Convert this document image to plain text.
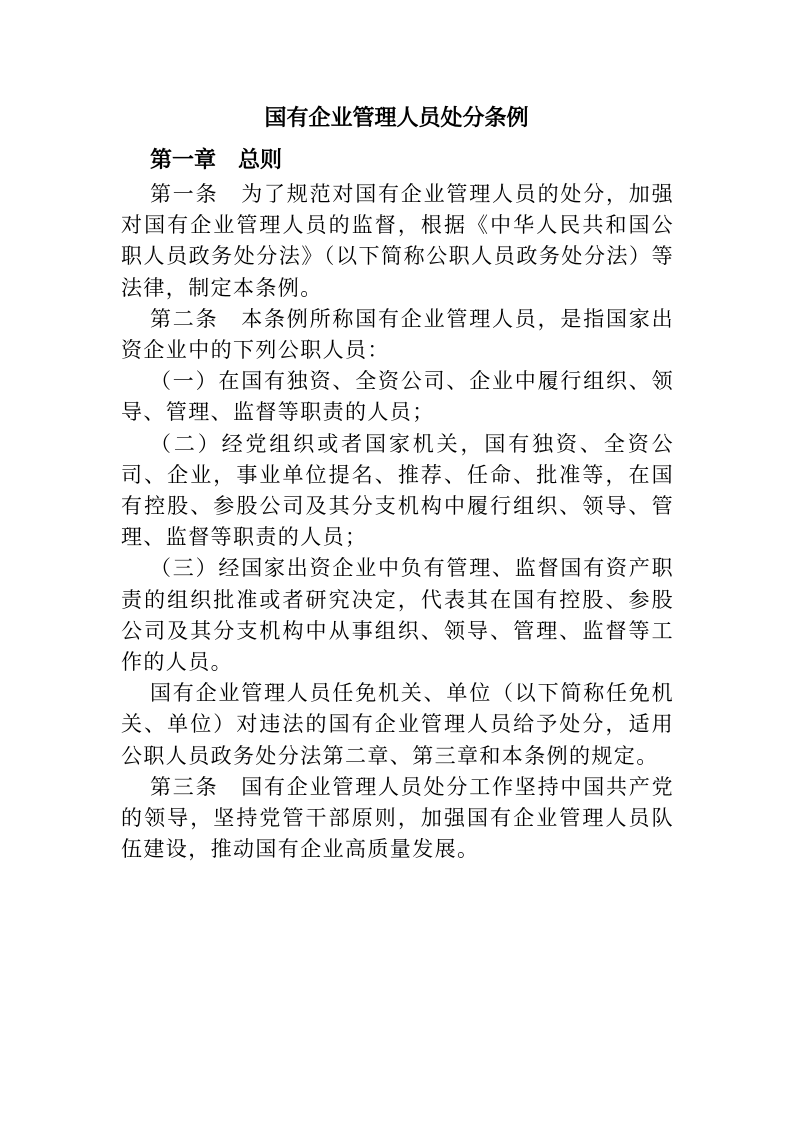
国有企业管理人员处分条例
第一章　总则

第一条　为了规范对国有企业管理人员的处分，加强对国有企业管理人员的监督，根据《中华人民共和国公职人员政务处分法》（以下简称公职人员政务处分法）等法律，制定本条例。

第二条　本条例所称国有企业管理人员，是指国家出资企业中的下列公职人员：

（一）在国有独资、全资公司、企业中履行组织、领导、管理、监督等职责的人员；

（二）经党组织或者国家机关，国有独资、全资公司、企业，事业单位提名、推荐、任命、批准等，在国有控股、参股公司及其分支机构中履行组织、领导、管理、监督等职责的人员；

（三）经国家出资企业中负有管理、监督国有资产职责的组织批准或者研究决定，代表其在国有控股、参股公司及其分支机构中从事组织、领导、管理、监督等工作的人员。

国有企业管理人员任免机关、单位（以下简称任免机关、单位）对违法的国有企业管理人员给予处分，适用公职人员政务处分法第二章、第三章和本条例的规定。

第三条　国有企业管理人员处分工作坚持中国共产党的领导，坚持党管干部原则，加强国有企业管理人员队伍建设，推动国有企业高质量发展。
